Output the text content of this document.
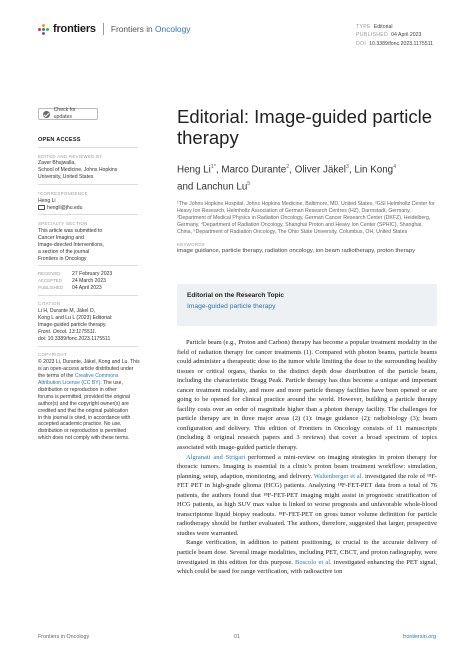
frontiers Frontiers in Oncology	TYPE Editorial
PUBLISHED 04 April 2023
DOI 10.3389/fonc.2023.1175511
Check for updates
OPEN ACCESS
EDITED AND REVIEWED BY
Zaver Bhujwalla,
School of Medicine, Johns Hopkins
University, United States
*CORRESPONDENCE
Heng Li
hengli@jhu.edu
SPECIALTY SECTION
This article was submitted to
Cancer Imaging and
Image-directed Interventions,
a section of the journal
Frontiers in Oncology
RECEIVED 27 February 2023
ACCEPTED 24 March 2023
PUBLISHED 04 April 2023
CITATION
Li H, Durante M, Jäkel O,
Kong L and Lu L (2023) Editorial:
Image-guided particle therapy.
Front. Oncol. 13:1175511.
doi: 10.3389/fonc.2023.1175511
COPYRIGHT
© 2023 Li, Durante, Jäkel, Kong and Lu. This
is an open-access article distributed under
the terms of the Creative Commons
Attribution License (CC BY). The use,
distribution or reproduction in other
forums is permitted, provided the original
author(s) and the copyright owner(s) are
credited and that the original publication
in this journal is cited, in accordance with
accepted academic practice. No use,
distribution or reproduction is permitted
which does not comply with these terms.
Editorial: Image-guided particle therapy
Heng $Li^{1*}$, Marco Durante$^2$, Oliver Jäkel$^3$, Lin Kong$^4$
and Lanchun Lu$^5$
¹The Johns Hopkins Hospital, Johns Hopkins Medicine, Baltimore, MD, United States, ²GSI Helmholtz Center for Heavy Ion Research, Helmholtz Association of German Research Centres (HZ), Darmstadt, Germany, ³Department of Medical Physics in Radiation Oncology, German Cancer Research Center (DKFZ), Heidelberg, Germany, ⁴Department of Radiation Oncology, Shanghai Proton and Heavy Ion Center (SPHIC), Shanghai, China, ⁵Department of Radiation Oncology, The Ohio State University, Columbus, OH, United States
KEYWORDS
image guidance, particle therapy, radiation oncology, ion beam radiotherapy, proton therapy
Editorial on the Research Topic
Image-guided particle therapy

Particle beam (e.g., Proton and Carbon) therapy has become a popular treatment modality in the field of radiation therapy for cancer treatments (1). Compared with photon beams, particle beams could administer a therapeutic dose to the tumor while limiting the dose to the surrounding healthy tissues or critical organs, thanks to the distinct depth dose distribution of the particle beam, including the characteristic Bragg Peak. Particle therapy has thus become a unique and important cancer treatment modality, and more and more particle therapy facilities have been opened or are going to be opened for clinical practice around the world. However, building a particle therapy facility costs over an order of magnitude higher than a photon therapy facility. The challenges for particle therapy are in three major areas (2) (1): image guidance (2); radiobiology (3); beam configuration and delivery. This edition of Frontiers in Oncology consists of 11 manuscripts (including 8 original research papers and 3 reviews) that cover a broad spectrum of topics associated with image-guided particle therapy.

Algranati and Strigari performed a mini-review on imaging strategies in proton therapy for thoracic tumors. Imaging is essential in a clinic’s proton beam treatment workflow: simulation, planning, setup, adaption, monitoring, and delivery. Waltenberger et al. investigated the role of ¹⁸F-FET PET in high-grade glioma (HCG) patients. Analyzing ¹⁸F-FET-PET data from a total of 76 patients, the authors found that ¹⁸F-FET-PET imaging might assist in prognostic stratification of HCG patients, as high SUV max value is linked to worse prognosis and unfavorable whole-blood transcriptome liquid biopsy readouts. ¹⁸F-FET-PET on gross tumor volume definition for particle radiotherapy should be further evaluated. The authors, therefore, suggested that larger, prospective studies were warranted.

Range verification, in addition to patient positioning, is crucial to the accurate delivery of particle beam dose. Several image modalities, including PET, CBCT, and proton radiography, were investigated in this edition for this purpose. Boscolo et al. investigated enhancing the PET signal, which could be used for range verification, with radioactive ion

Frontiers in Oncology	01	frontiersin.org
